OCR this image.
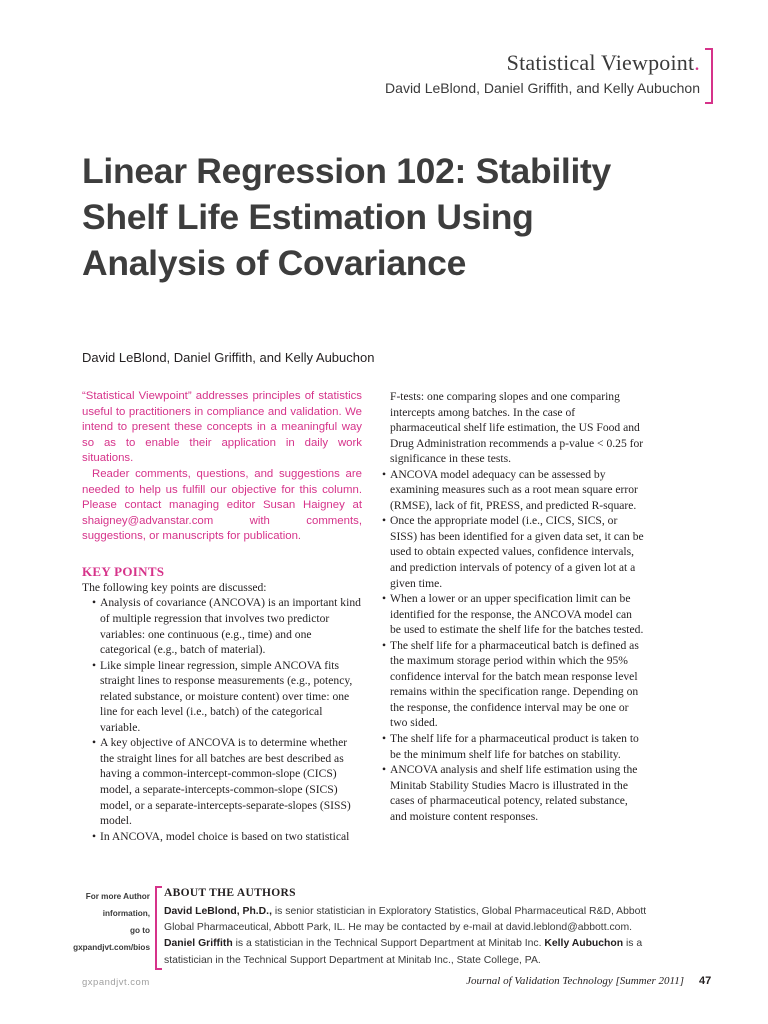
Statistical Viewpoint.
David LeBlond, Daniel Griffith, and Kelly Aubuchon
Linear Regression 102: Stability
Shelf Life Estimation Using
Analysis of Covariance
David LeBlond, Daniel Griffith, and Kelly Aubuchon

“Statistical Viewpoint” addresses principles of statistics useful to practitioners in compliance and validation. We intend to present these concepts in a meaningful way so as to enable their application in daily work situations.

Reader comments, questions, and suggestions are needed to help us fulfill our objective for this column. Please contact managing editor Susan Haigney at shaigney@advanstar.com with comments, suggestions, or manuscripts for publication.

KEY POINTS

The following key points are discussed:

• Analysis of covariance (ANCOVA) is an important kind of multiple regression that involves two predictor variables: one continuous (e.g., time) and one categorical (e.g., batch of material).
• Like simple linear regression, simple ANCOVA fits straight lines to response measurements (e.g., potency, related substance, or moisture content) over time: one line for each level (i.e., batch) of the categorical variable.
• A key objective of ANCOVA is to determine whether the straight lines for all batches are best described as having a common-intercept-common-slope (CICS) model, a separate-intercepts-common-slope (SICS) model, or a separate-intercepts-separate-slopes (SISS) model.
• In ANCOVA, model choice is based on two statistical

F-tests: one comparing slopes and one comparing intercepts among batches. In the case of pharmaceutical shelf life estimation, the US Food and Drug Administration recommends a p-value < 0.25 for significance in these tests.

• ANCOVA model adequacy can be assessed by examining measures such as a root mean square error (RMSE), lack of fit, PRESS, and predicted R-square.
• Once the appropriate model (i.e., CICS, SICS, or SISS) has been identified for a given data set, it can be used to obtain expected values, confidence intervals, and prediction intervals of potency of a given lot at a given time.
• When a lower or an upper specification limit can be identified for the response, the ANCOVA model can be used to estimate the shelf life for the batches tested.
• The shelf life for a pharmaceutical batch is defined as the maximum storage period within which the 95% confidence interval for the batch mean response level remains within the specification range. Depending on the response, the confidence interval may be one or two sided.
• The shelf life for a pharmaceutical product is taken to be the minimum shelf life for batches on stability.
• ANCOVA analysis and shelf life estimation using the Minitab Stability Studies Macro is illustrated in the cases of pharmaceutical potency, related substance, and moisture content responses.
For more Author
information,
go to
gxpandjvt.com/bios
ABOUT THE AUTHORS

David LeBlond, Ph.D., is senior statistician in Exploratory Statistics, Global Pharmaceutical R&D, Abbott Global Pharmaceutical, Abbott Park, IL. He may be contacted by e-mail at david.leblond@abbott.com. Daniel Griffith is a statistician in the Technical Support Department at Minitab Inc. Kelly Aubuchon is a statistician in the Technical Support Department at Minitab Inc., State College, PA.

gxpandjvt.com	Journal of Validation Technology [Summer 2011] 47
